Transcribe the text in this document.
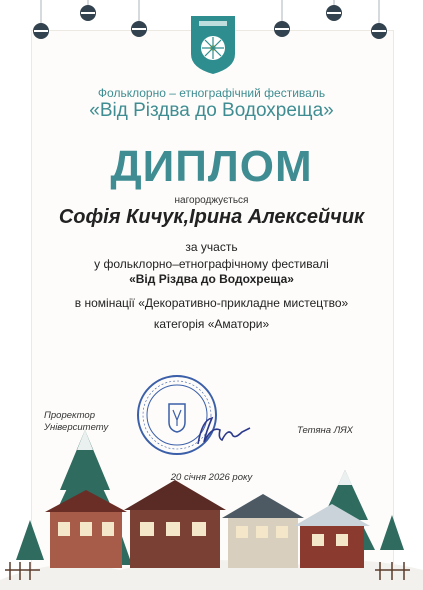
Фольклорно – етнографічний фестиваль
«Від Різдва до Водохреща»
ДИПЛОМ
нагороджується
Софія Кичук,Ірина Алексейчик
за участь
у фольклорно–етнографічному фестивалі
«Від Різдва до Водохреща»
в номінації «Декоративно-прикладне мистецтво»
категорія «Аматори»
Проректор
Університету	Тетяна ЛЯХ
20 січня 2026 року
